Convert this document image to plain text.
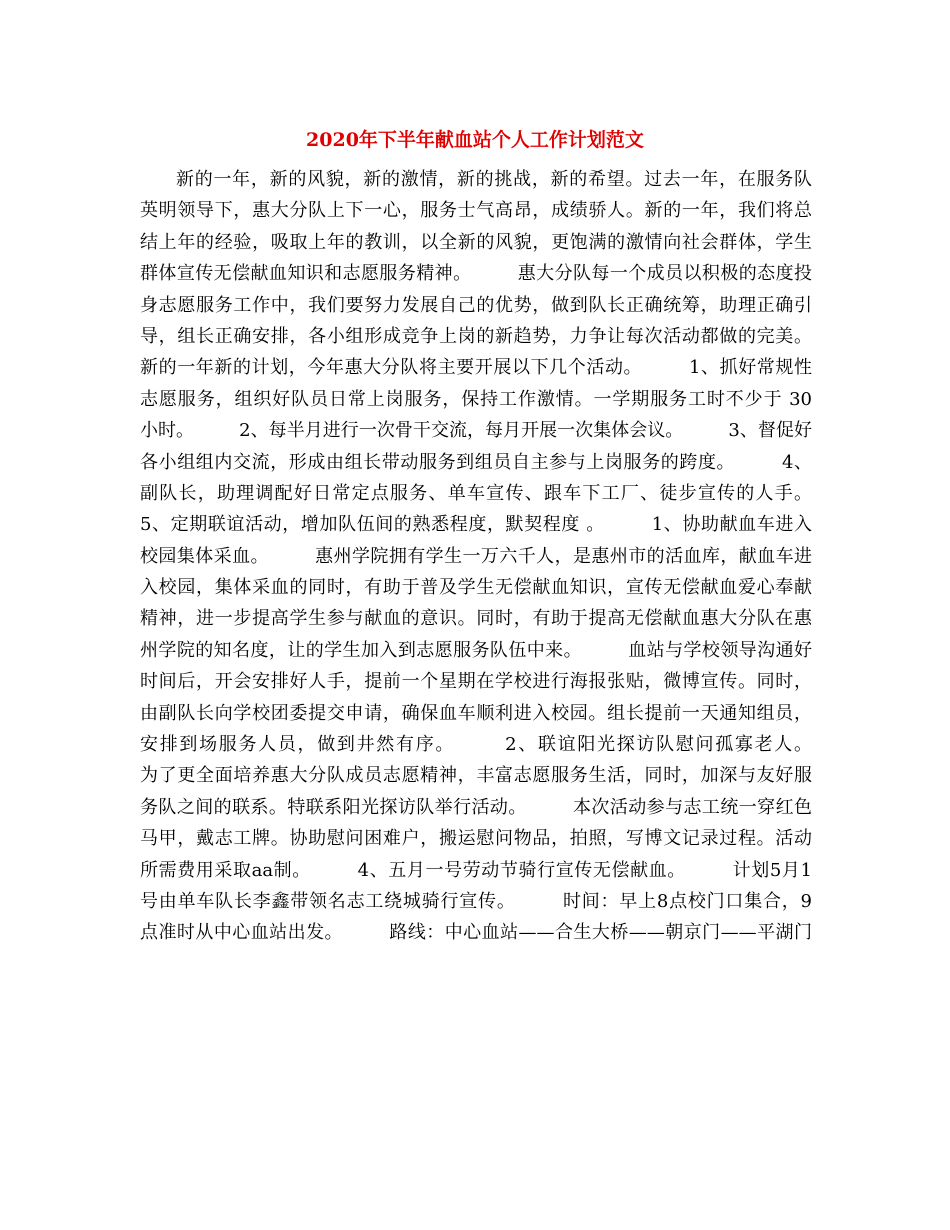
2020年下半年献血站个人工作计划范文
新的一年，新的风貌，新的激情，新的挑战，新的希望。过去一年，在服务队
英明领导下，惠大分队上下一心，服务士气高昂，成绩骄人。新的一年，我们将总
结上年的经验，吸取上年的教训，以全新的风貌，更饱满的激情向社会群体，学生
群体宣传无偿献血知识和志愿服务精神。　　　惠大分队每一个成员以积极的态度投
身志愿服务工作中，我们要努力发展自己的优势，做到队长正确统筹，助理正确引
导，组长正确安排，各小组形成竞争上岗的新趋势，力争让每次活动都做的完美。
新的一年新的计划，今年惠大分队将主要开展以下几个活动。　　　1、抓好常规性
志愿服务，组织好队员日常上岗服务，保持工作激情。一学期服务工时不少于 30
小时。　　　2、每半月进行一次骨干交流，每月开展一次集体会议。　　　3、督促好
各小组组内交流，形成由组长带动服务到组员自主参与上岗服务的跨度。　　　4、
副队长，助理调配好日常定点服务、单车宣传、跟车下工厂、徒步宣传的人手。
5、定期联谊活动，增加队伍间的熟悉程度，默契程度 。　　　1、协助献血车进入
校园集体采血。　　　惠州学院拥有学生一万六千人，是惠州市的活血库，献血车进
入校园，集体采血的同时，有助于普及学生无偿献血知识，宣传无偿献血爱心奉献
精神，进一步提高学生参与献血的意识。同时，有助于提高无偿献血惠大分队在惠
州学院的知名度，让的学生加入到志愿服务队伍中来。　　　血站与学校领导沟通好
时间后，开会安排好人手，提前一个星期在学校进行海报张贴，微博宣传。同时，
由副队长向学校团委提交申请，确保血车顺利进入校园。组长提前一天通知组员，
安排到场服务人员，做到井然有序。　　　2、联谊阳光探访队慰问孤寡老人。
为了更全面培养惠大分队成员志愿精神，丰富志愿服务生活，同时，加深与友好服
务队之间的联系。特联系阳光探访队举行活动。　　　本次活动参与志工统一穿红色
马甲，戴志工牌。协助慰问困难户，搬运慰问物品，拍照，写博文记录过程。活动
所需费用采取aa制。　　　4、五月一号劳动节骑行宣传无偿献血。　　　计划5月1
号由单车队长李鑫带领名志工绕城骑行宣传。　　　时间：早上8点校门口集合，9
点准时从中心血站出发。　　　路线：中心血站——合生大桥——朝京门——平湖门
